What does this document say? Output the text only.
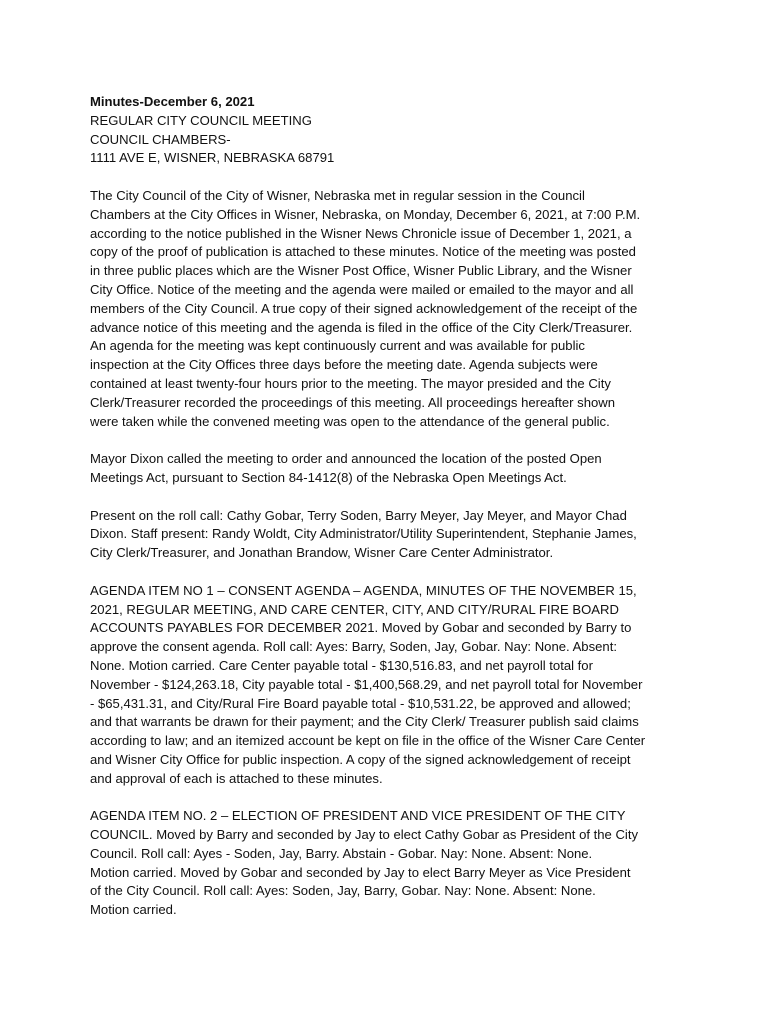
Minutes-December 6, 2021
REGULAR CITY COUNCIL MEETING
COUNCIL CHAMBERS-
1111 AVE E, WISNER, NEBRASKA 68791
The City Council of the City of Wisner, Nebraska met in regular session in the Council
Chambers at the City Offices in Wisner, Nebraska, on Monday, December 6, 2021, at 7:00 P.M.
according to the notice published in the Wisner News Chronicle issue of December 1, 2021, a
copy of the proof of publication is attached to these minutes. Notice of the meeting was posted
in three public places which are the Wisner Post Office, Wisner Public Library, and the Wisner
City Office. Notice of the meeting and the agenda were mailed or emailed to the mayor and all
members of the City Council. A true copy of their signed acknowledgement of the receipt of the
advance notice of this meeting and the agenda is filed in the office of the City Clerk/Treasurer.
An agenda for the meeting was kept continuously current and was available for public
inspection at the City Offices three days before the meeting date. Agenda subjects were
contained at least twenty-four hours prior to the meeting. The mayor presided and the City
Clerk/Treasurer recorded the proceedings of this meeting. All proceedings hereafter shown
were taken while the convened meeting was open to the attendance of the general public.
Mayor Dixon called the meeting to order and announced the location of the posted Open
Meetings Act, pursuant to Section 84-1412(8) of the Nebraska Open Meetings Act.
Present on the roll call: Cathy Gobar, Terry Soden, Barry Meyer, Jay Meyer, and Mayor Chad
Dixon. Staff present: Randy Woldt, City Administrator/Utility Superintendent, Stephanie James,
City Clerk/Treasurer, and Jonathan Brandow, Wisner Care Center Administrator.
AGENDA ITEM NO 1 – CONSENT AGENDA – AGENDA, MINUTES OF THE NOVEMBER 15,
2021, REGULAR MEETING, AND CARE CENTER, CITY, AND CITY/RURAL FIRE BOARD
ACCOUNTS PAYABLES FOR DECEMBER 2021. Moved by Gobar and seconded by Barry to
approve the consent agenda. Roll call: Ayes: Barry, Soden, Jay, Gobar. Nay: None. Absent:
None. Motion carried. Care Center payable total - $130,516.83, and net payroll total for
November - $124,263.18, City payable total - $1,400,568.29, and net payroll total for November
- $65,431.31, and City/Rural Fire Board payable total - $10,531.22, be approved and allowed;
and that warrants be drawn for their payment; and the City Clerk/ Treasurer publish said claims
according to law; and an itemized account be kept on file in the office of the Wisner Care Center
and Wisner City Office for public inspection. A copy of the signed acknowledgement of receipt
and approval of each is attached to these minutes.
AGENDA ITEM NO. 2 – ELECTION OF PRESIDENT AND VICE PRESIDENT OF THE CITY
COUNCIL. Moved by Barry and seconded by Jay to elect Cathy Gobar as President of the City
Council. Roll call: Ayes - Soden, Jay, Barry. Abstain - Gobar. Nay: None. Absent: None.
Motion carried. Moved by Gobar and seconded by Jay to elect Barry Meyer as Vice President
of the City Council. Roll call: Ayes: Soden, Jay, Barry, Gobar. Nay: None. Absent: None.
Motion carried.
